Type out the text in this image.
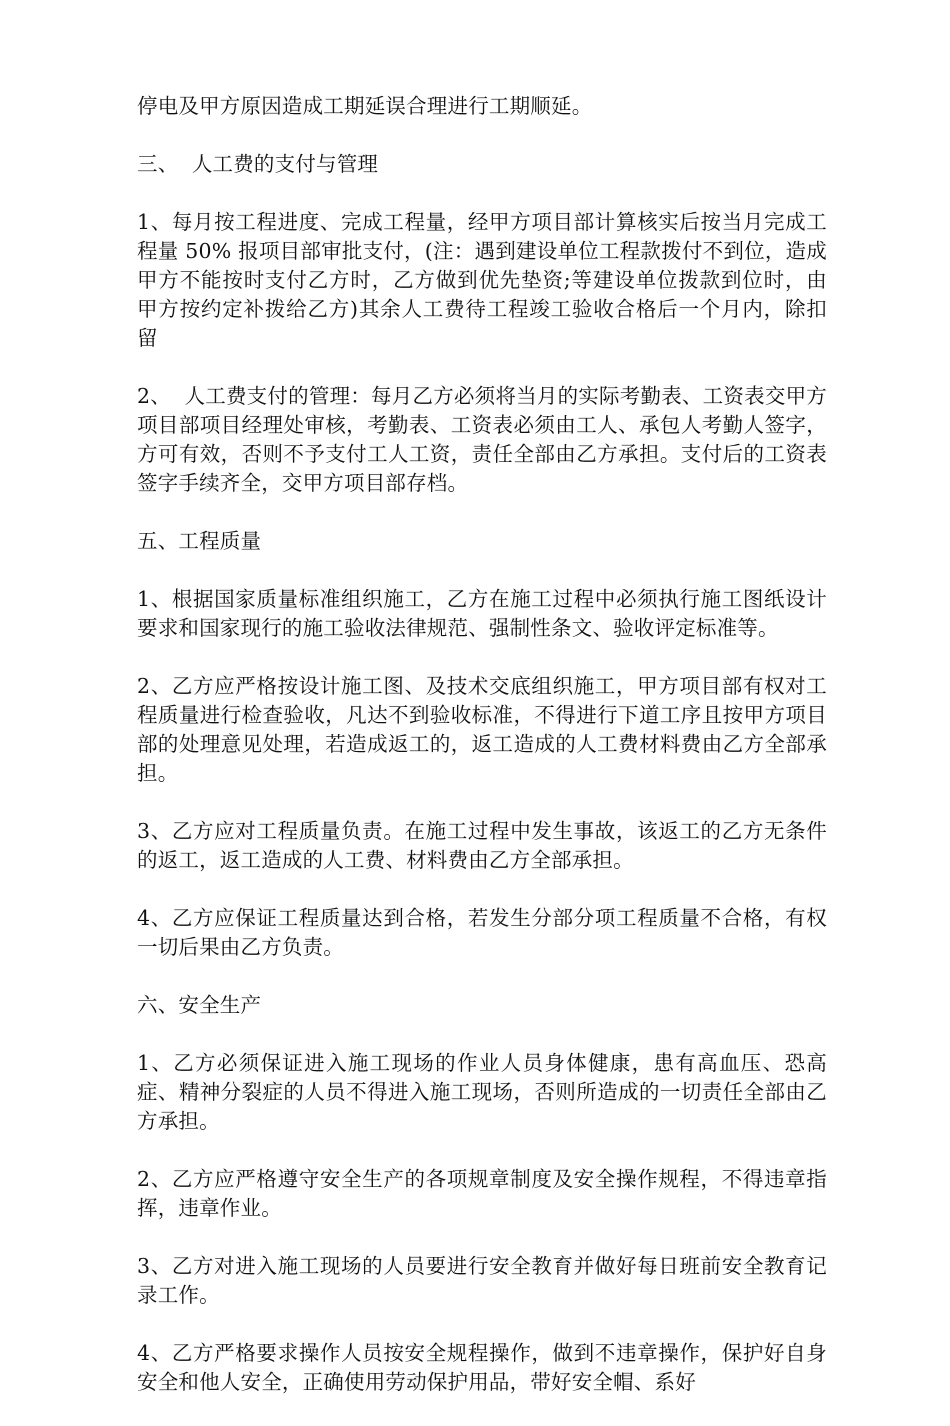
停电及甲方原因造成工期延误合理进行工期顺延。

三、  人工费的支付与管理

1、每月按工程进度、完成工程量，经甲方项目部计算核实后按当月完成工程量 50% 报项目部审批支付，(注：遇到建设单位工程款拨付不到位，造成甲方不能按时支付乙方时，乙方做到优先垫资;等建设单位拨款到位时，由甲方按约定补拨给乙方)其余人工费待工程竣工验收合格后一个月内，除扣留

2、  人工费支付的管理：每月乙方必须将当月的实际考勤表、工资表交甲方项目部项目经理处审核，考勤表、工资表必须由工人、承包人考勤人签字，方可有效，否则不予支付工人工资，责任全部由乙方承担。支付后的工资表签字手续齐全，交甲方项目部存档。

五、工程质量

1、根据国家质量标准组织施工，乙方在施工过程中必须执行施工图纸设计要求和国家现行的施工验收法律规范、强制性条文、验收评定标准等。

2、乙方应严格按设计施工图、及技术交底组织施工，甲方项目部有权对工程质量进行检查验收，凡达不到验收标准，不得进行下道工序且按甲方项目部的处理意见处理，若造成返工的，返工造成的人工费材料费由乙方全部承担。

3、乙方应对工程质量负责。在施工过程中发生事故，该返工的乙方无条件的返工，返工造成的人工费、材料费由乙方全部承担。

4、乙方应保证工程质量达到合格，若发生分部分项工程质量不合格，有权一切后果由乙方负责。

六、安全生产

1、乙方必须保证进入施工现场的作业人员身体健康，患有高血压、恐高症、精神分裂症的人员不得进入施工现场，否则所造成的一切责任全部由乙方承担。

2、乙方应严格遵守安全生产的各项规章制度及安全操作规程，不得违章指挥，违章作业。

3、乙方对进入施工现场的人员要进行安全教育并做好每日班前安全教育记录工作。

4、乙方严格要求操作人员按安全规程操作，做到不违章操作，保护好自身安全和他人安全，正确使用劳动保护用品，带好安全帽、系好
